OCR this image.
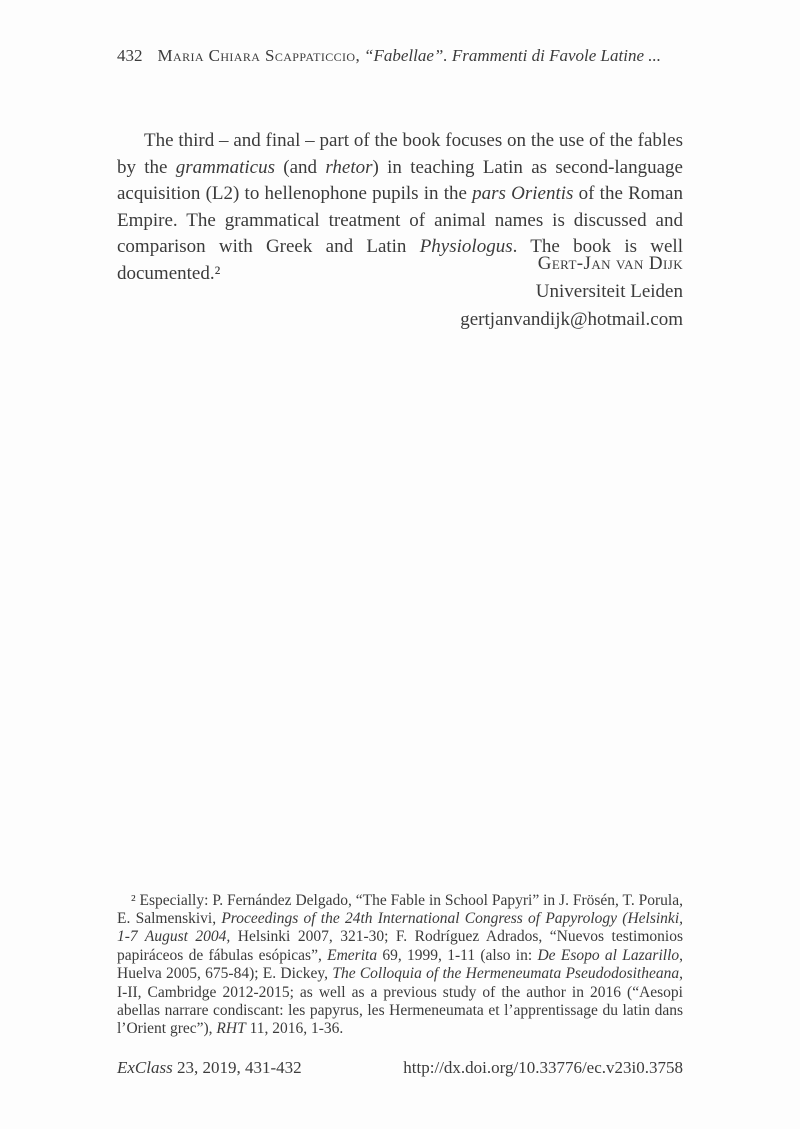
432 Maria Chiara Scappaticcio, “Fabellae”. Frammenti di Favole Latine ...

The third – and final – part of the book focuses on the use of the fables by the grammaticus (and rhetor) in teaching Latin as second-language acquisition (L2) to hellenophone pupils in the pars Orientis of the Roman Empire. The grammatical treatment of animal names is discussed and comparison with Greek and Latin Physiologus. The book is well documented.²	Gert-Jan van Dijk
Universiteit Leiden
gertjanvandijk@hotmail.com

² Especially: P. Fernández Delgado, “The Fable in School Papyri” in J. Frösén, T. Porula, E. Salmenskivi, Proceedings of the 24th International Congress of Papyrology (Helsinki, 1-7 August 2004, Helsinki 2007, 321-30; F. Rodríguez Adrados, “Nuevos testimonios papiráceos de fábulas esópicas”, Emerita 69, 1999, 1-11 (also in: De Esopo al Lazarillo, Huelva 2005, 675-84); E. Dickey, The Colloquia of the Hermeneumata Pseudodositheana, I-II, Cambridge 2012-2015; as well as a previous study of the author in 2016 (“Aesopi abellas narrare condiscant: les papyrus, les Hermeneumata et l’apprentissage du latin dans l’Orient grec”), RHT 11, 2016, 1-36.

ExClass 23, 2019, 431-432	http://dx.doi.org/10.33776/ec.v23i0.3758
